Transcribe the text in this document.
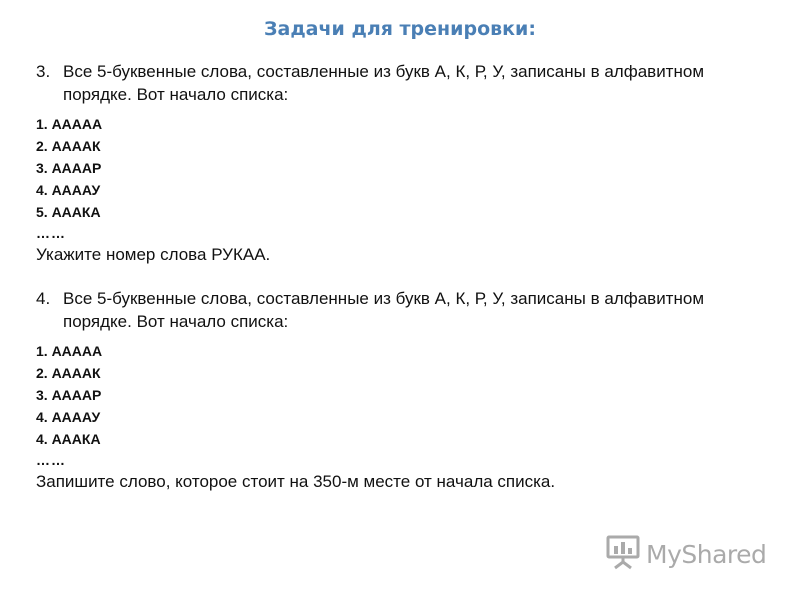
Задачи для тренировки:
3. Все 5-буквенные слова, составленные из букв А, К, Р, У, записаны в алфавитном порядке. Вот начало списка:
1. ААААА
2. ААААК
3. ААААР
4. ААААУ
5. АААКА
……
Укажите номер слова РУКАА.
4. Все 5-буквенные слова, составленные из букв А, К, Р, У, записаны в алфавитном порядке. Вот начало списка:
1. ААААА
2. ААААК
3. ААААР
4. ААААУ
4. АААКА
……
Запишите слово, которое стоит на 350-м месте от начала списка.
MyShared
